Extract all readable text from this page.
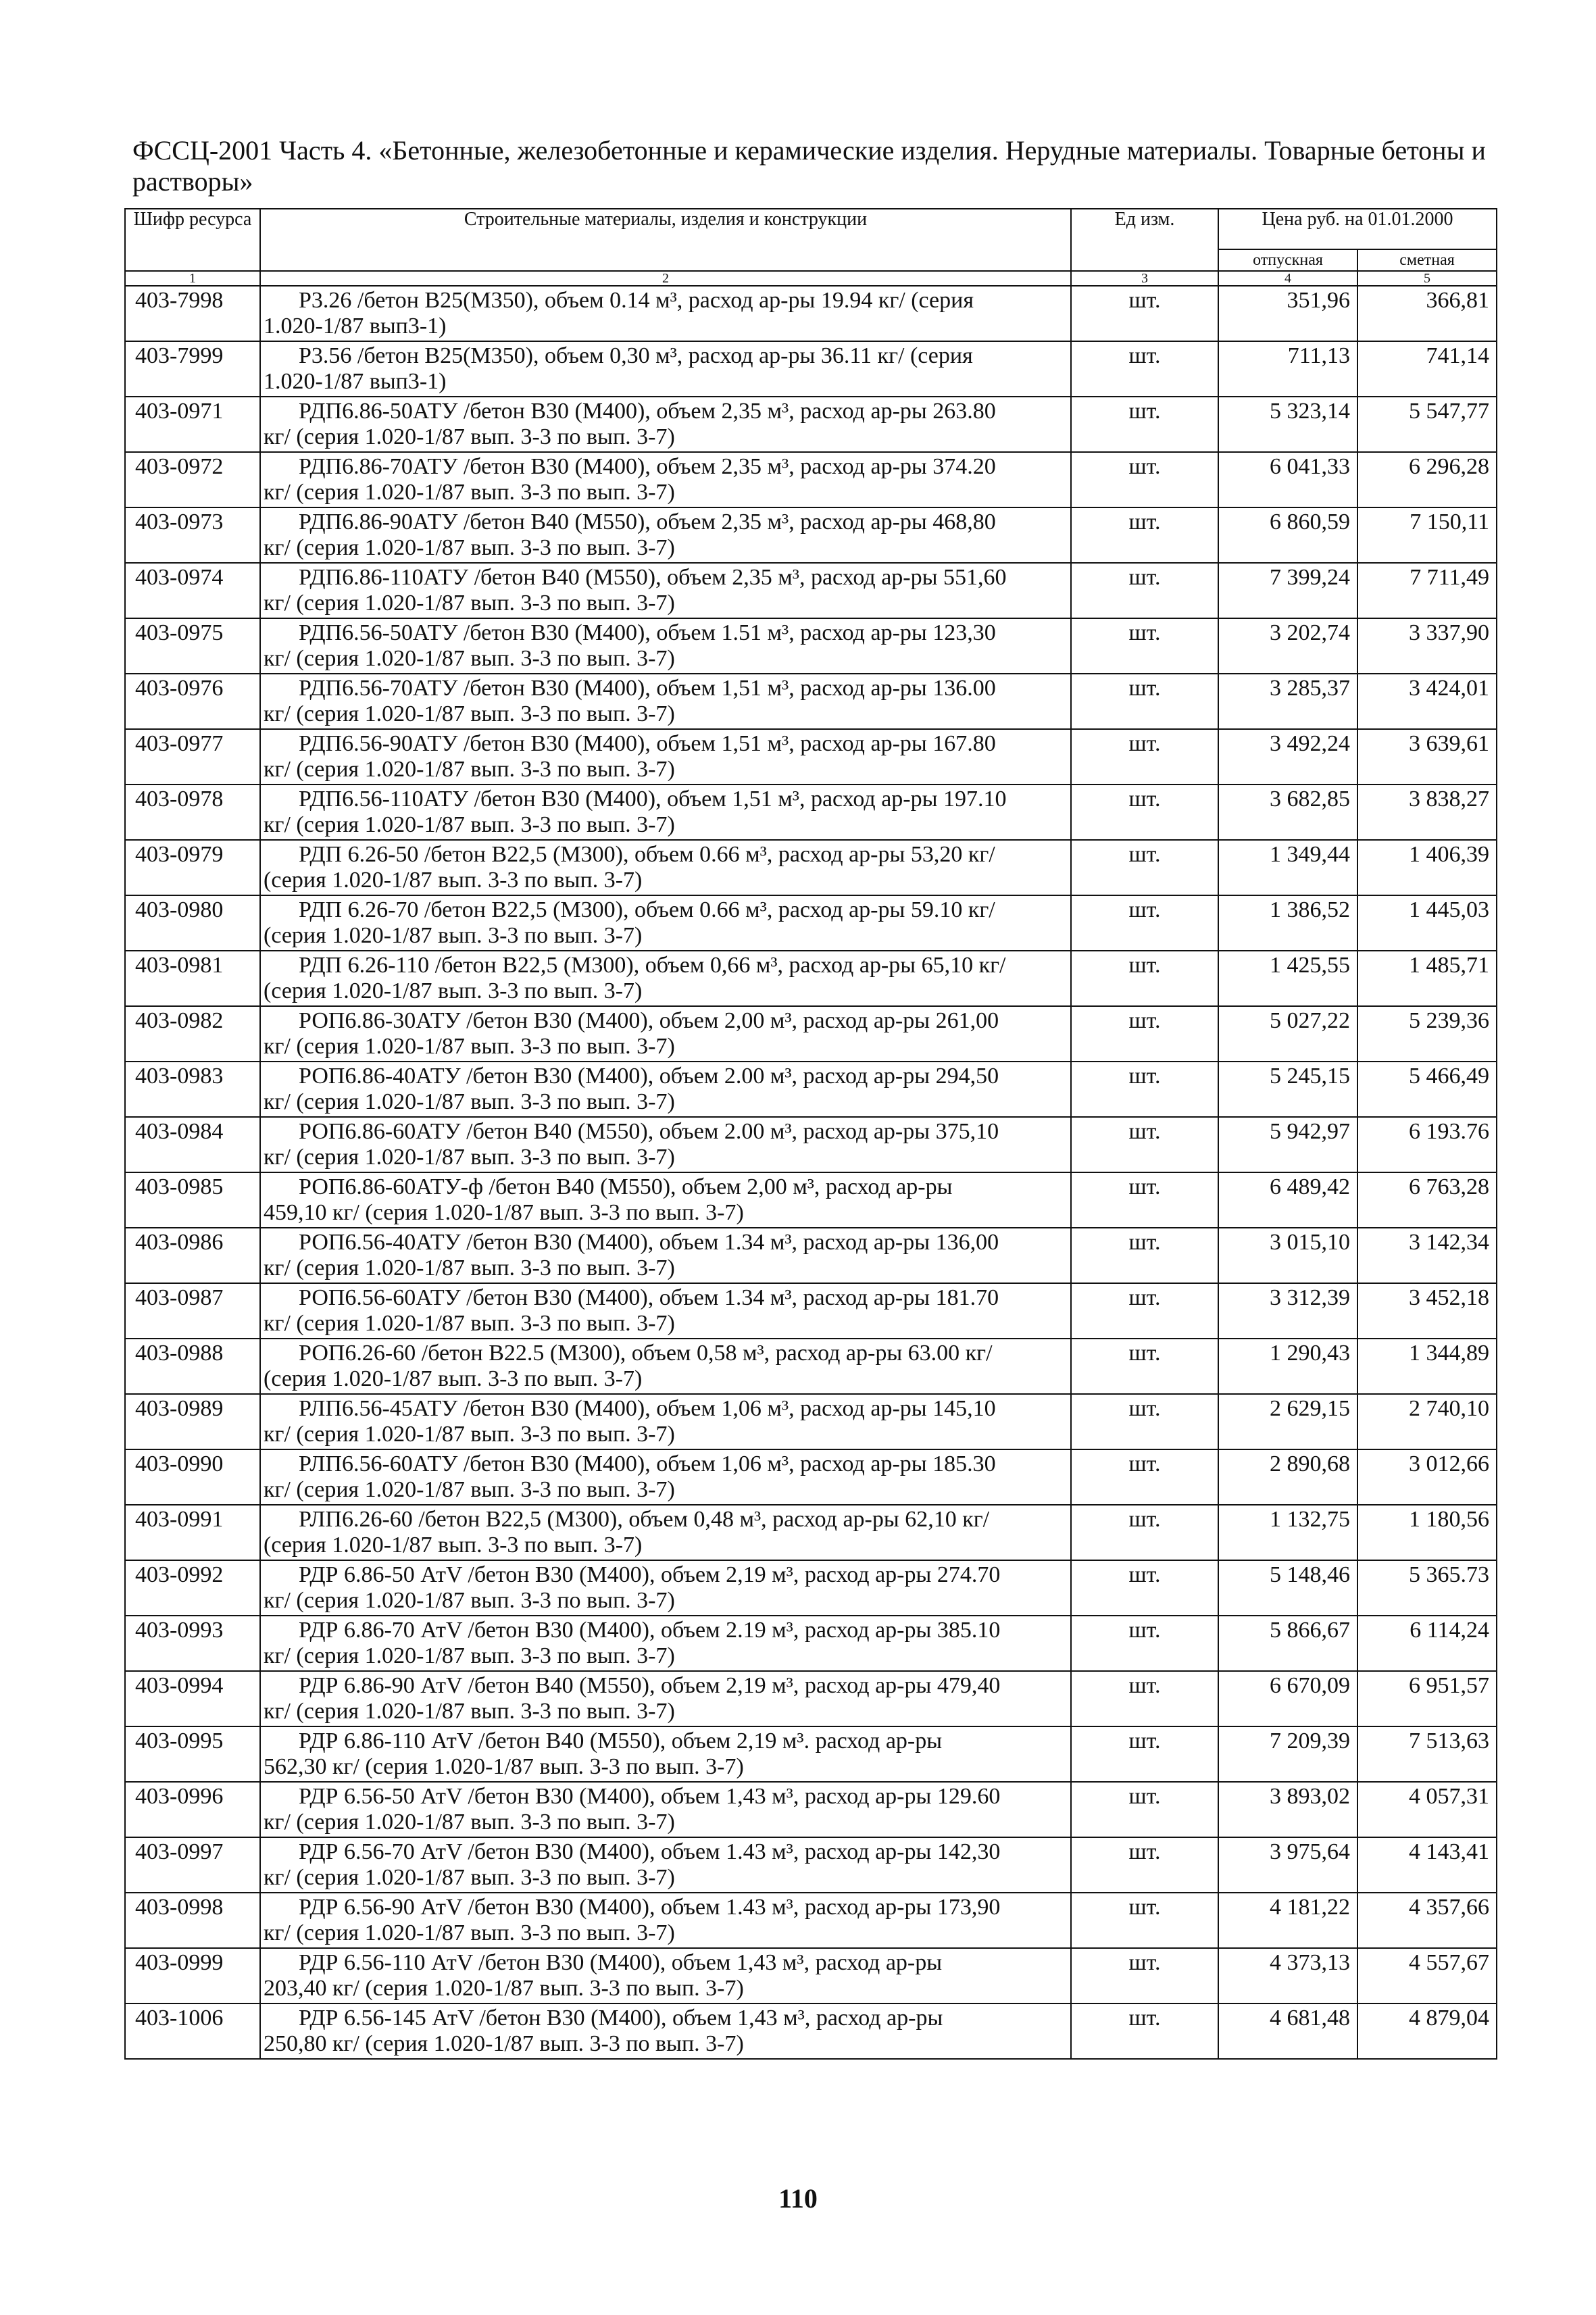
ФССЦ-2001 Часть 4. «Бетонные, железобетонные и керамические изделия. Нерудные материалы. Товарные бетоны и растворы»
Шифр ресурса	Строительные материалы, изделия и конструкции	Ед изм.	Цена руб. на 01.01.2000	
			отпускная	сметная
1	2	3	4	5
403-7998	Р3.26 /бетон В25(М350), объем 0.14 м³, расход ар-ры 19.94 кг/ (серия
1.020-1/87 вып3-1)	шт.	351,96	366,81
403-7999	Р3.56 /бетон В25(М350), объем 0,30 м³, расход ар-ры 36.11 кг/ (серия
1.020-1/87 вып3-1)	шт.	711,13	741,14
403-0971	РДП6.86-50АТУ /бетон В30 (М400), объем 2,35 м³, расход ар-ры 263.80
кг/ (серия 1.020-1/87 вып. 3-3 по вып. 3-7)	шт.	5 323,14	5 547,77
403-0972	РДП6.86-70АТУ /бетон В30 (М400), объем 2,35 м³, расход ар-ры 374.20
кг/ (серия 1.020-1/87 вып. 3-3 по вып. 3-7)	шт.	6 041,33	6 296,28
403-0973	РДП6.86-90АТУ /бетон В40 (М550), объем 2,35 м³, расход ар-ры 468,80
кг/ (серия 1.020-1/87 вып. 3-3 по вып. 3-7)	шт.	6 860,59	7 150,11
403-0974	РДП6.86-110АТУ /бетон В40 (М550), объем 2,35 м³, расход ар-ры 551,60
кг/ (серия 1.020-1/87 вып. 3-3 по вып. 3-7)	шт.	7 399,24	7 711,49
403-0975	РДП6.56-50АТУ /бетон В30 (М400), объем 1.51 м³, расход ар-ры 123,30
кг/ (серия 1.020-1/87 вып. 3-3 по вып. 3-7)	шт.	3 202,74	3 337,90
403-0976	РДП6.56-70АТУ /бетон В30 (М400), объем 1,51 м³, расход ар-ры 136.00
кг/ (серия 1.020-1/87 вып. 3-3 по вып. 3-7)	шт.	3 285,37	3 424,01
403-0977	РДП6.56-90АТУ /бетон В30 (М400), объем 1,51 м³, расход ар-ры 167.80
кг/ (серия 1.020-1/87 вып. 3-3 по вып. 3-7)	шт.	3 492,24	3 639,61
403-0978	РДП6.56-110АТУ /бетон В30 (М400), объем 1,51 м³, расход ар-ры 197.10
кг/ (серия 1.020-1/87 вып. 3-3 по вып. 3-7)	шт.	3 682,85	3 838,27
403-0979	РДП 6.26-50 /бетон В22,5 (М300), объем 0.66 м³, расход ар-ры 53,20 кг/
(серия 1.020-1/87 вып. 3-3 по вып. 3-7)	шт.	1 349,44	1 406,39
403-0980	РДП 6.26-70 /бетон В22,5 (М300), объем 0.66 м³, расход ар-ры 59.10 кг/
(серия 1.020-1/87 вып. 3-3 по вып. 3-7)	шт.	1 386,52	1 445,03
403-0981	РДП 6.26-110 /бетон В22,5 (М300), объем 0,66 м³, расход ар-ры 65,10 кг/
(серия 1.020-1/87 вып. 3-3 по вып. 3-7)	шт.	1 425,55	1 485,71
403-0982	РОП6.86-30АТУ /бетон В30 (М400), объем 2,00 м³, расход ар-ры 261,00
кг/ (серия 1.020-1/87 вып. 3-3 по вып. 3-7)	шт.	5 027,22	5 239,36
403-0983	РОП6.86-40АТУ /бетон В30 (М400), объем 2.00 м³, расход ар-ры 294,50
кг/ (серия 1.020-1/87 вып. 3-3 по вып. 3-7)	шт.	5 245,15	5 466,49
403-0984	РОП6.86-60АТУ /бетон В40 (М550), объем 2.00 м³, расход ар-ры 375,10
кг/ (серия 1.020-1/87 вып. 3-3 по вып. 3-7)	шт.	5 942,97	6 193.76
403-0985	РОП6.86-60АТУ-ф /бетон В40 (М550), объем 2,00 м³, расход ар-ры
459,10 кг/ (серия 1.020-1/87 вып. 3-3 по вып. 3-7)	шт.	6 489,42	6 763,28
403-0986	РОП6.56-40АТУ /бетон В30 (М400), объем 1.34 м³, расход ар-ры 136,00
кг/ (серия 1.020-1/87 вып. 3-3 по вып. 3-7)	шт.	3 015,10	3 142,34
403-0987	РОП6.56-60АТУ /бетон В30 (М400), объем 1.34 м³, расход ар-ры 181.70
кг/ (серия 1.020-1/87 вып. 3-3 по вып. 3-7)	шт.	3 312,39	3 452,18
403-0988	РОП6.26-60 /бетон В22.5 (М300), объем 0,58 м³, расход ар-ры 63.00 кг/
(серия 1.020-1/87 вып. 3-3 по вып. 3-7)	шт.	1 290,43	1 344,89
403-0989	РЛП6.56-45АТУ /бетон В30 (М400), объем 1,06 м³, расход ар-ры 145,10
кг/ (серия 1.020-1/87 вып. 3-3 по вып. 3-7)	шт.	2 629,15	2 740,10
403-0990	РЛП6.56-60АТУ /бетон В30 (М400), объем 1,06 м³, расход ар-ры 185.30
кг/ (серия 1.020-1/87 вып. 3-3 по вып. 3-7)	шт.	2 890,68	3 012,66
403-0991	РЛП6.26-60 /бетон В22,5 (М300), объем 0,48 м³, расход ар-ры 62,10 кг/
(серия 1.020-1/87 вып. 3-3 по вып. 3-7)	шт.	1 132,75	1 180,56
403-0992	РДР 6.86-50 АтV /бетон В30 (М400), объем 2,19 м³, расход ар-ры 274.70
кг/ (серия 1.020-1/87 вып. 3-3 по вып. 3-7)	шт.	5 148,46	5 365.73
403-0993	РДР 6.86-70 АтV /бетон В30 (М400), объем 2.19 м³, расход ар-ры 385.10
кг/ (серия 1.020-1/87 вып. 3-3 по вып. 3-7)	шт.	5 866,67	6 114,24
403-0994	РДР 6.86-90 АтV /бетон В40 (М550), объем 2,19 м³, расход ар-ры 479,40
кг/ (серия 1.020-1/87 вып. 3-3 по вып. 3-7)	шт.	6 670,09	6 951,57
403-0995	РДР 6.86-110 АтV /бетон В40 (М550), объем 2,19 м³. расход ар-ры
562,30 кг/ (серия 1.020-1/87 вып. 3-3 по вып. 3-7)	шт.	7 209,39	7 513,63
403-0996	РДР 6.56-50 АтV /бетон В30 (М400), объем 1,43 м³, расход ар-ры 129.60
кг/ (серия 1.020-1/87 вып. 3-3 по вып. 3-7)	шт.	3 893,02	4 057,31
403-0997	РДР 6.56-70 АтV /бетон В30 (М400), объем 1.43 м³, расход ар-ры 142,30
кг/ (серия 1.020-1/87 вып. 3-3 по вып. 3-7)	шт.	3 975,64	4 143,41
403-0998	РДР 6.56-90 АтV /бетон В30 (М400), объем 1.43 м³, расход ар-ры 173,90
кг/ (серия 1.020-1/87 вып. 3-3 по вып. 3-7)	шт.	4 181,22	4 357,66
403-0999	РДР 6.56-110 АтV /бетон В30 (М400), объем 1,43 м³, расход ар-ры
203,40 кг/ (серия 1.020-1/87 вып. 3-3 по вып. 3-7)	шт.	4 373,13	4 557,67
403-1006	РДР 6.56-145 АтV /бетон В30 (М400), объем 1,43 м³, расход ар-ры
250,80 кг/ (серия 1.020-1/87 вып. 3-3 по вып. 3-7)	шт.	4 681,48	4 879,04
110
